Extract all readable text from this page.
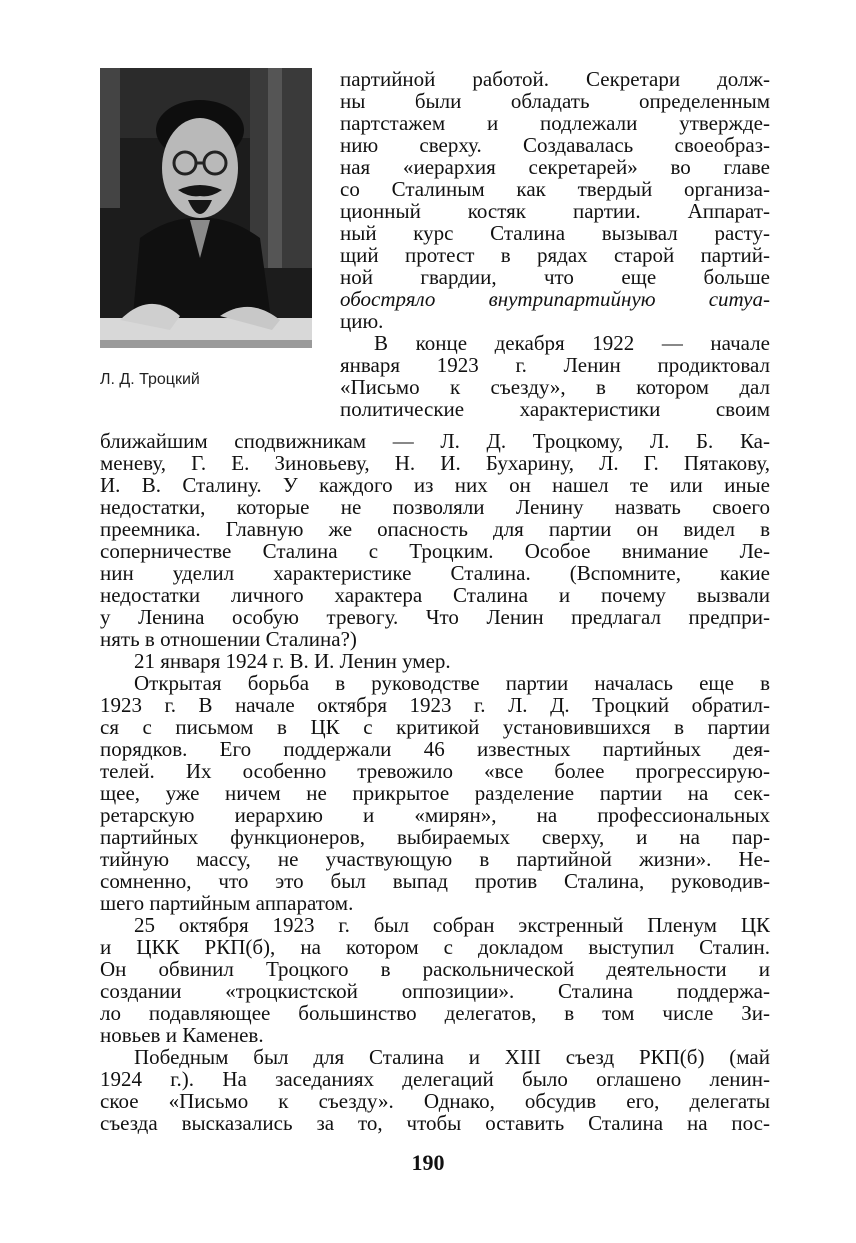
Л. Д. Троцкий

партийной работой. Секретари долж-
ны были обладать определенным
партстажем и подлежали утвержде-
нию сверху. Создавалась своеобраз-
ная «иерархия секретарей» во главе
со Сталиным как твердый организа-
ционный костяк партии. Аппарат-
ный курс Сталина вызывал расту-
щий протест в рядах старой партий-
ной гвардии, что еще больше
обостряло внутрипартийную ситуа-
цию.

В конце декабря 1922 — начале
января 1923 г. Ленин продиктовал
«Письмо к съезду», в котором дал
политические характеристики своим

ближайшим сподвижникам — Л. Д. Троцкому, Л. Б. Ка-
меневу, Г. Е. Зиновьеву, Н. И. Бухарину, Л. Г. Пятакову,
И. В. Сталину. У каждого из них он нашел те или иные
недостатки, которые не позволяли Ленину назвать своего
преемника. Главную же опасность для партии он видел в
соперничестве Сталина с Троцким. Особое внимание Ле-
нин уделил характеристике Сталина. (Вспомните, какие
недостатки личного характера Сталина и почему вызвали
у Ленина особую тревогу. Что Ленин предлагал предпри-
нять в отношении Сталина?)

21 января 1924 г. В. И. Ленин умер.

Открытая борьба в руководстве партии началась еще в
1923 г. В начале октября 1923 г. Л. Д. Троцкий обратил-
ся с письмом в ЦК с критикой установившихся в партии
порядков. Его поддержали 46 известных партийных дея-
телей. Их особенно тревожило «все более прогрессирую-
щее, уже ничем не прикрытое разделение партии на сек-
ретарскую иерархию и «мирян», на профессиональных
партийных функционеров, выбираемых сверху, и на пар-
тийную массу, не участвующую в партийной жизни». Не-
сомненно, что это был выпад против Сталина, руководив-
шего партийным аппаратом.

25 октября 1923 г. был собран экстренный Пленум ЦК
и ЦКК РКП(б), на котором с докладом выступил Сталин.
Он обвинил Троцкого в раскольнической деятельности и
создании «троцкистской оппозиции». Сталина поддержа-
ло подавляющее большинство делегатов, в том числе Зи-
новьев и Каменев.

Победным был для Сталина и XIII съезд РКП(б) (май
1924 г.). На заседаниях делегаций было оглашено ленин-
ское «Письмо к съезду». Однако, обсудив его, делегаты
съезда высказались за то, чтобы оставить Сталина на пос-

190
